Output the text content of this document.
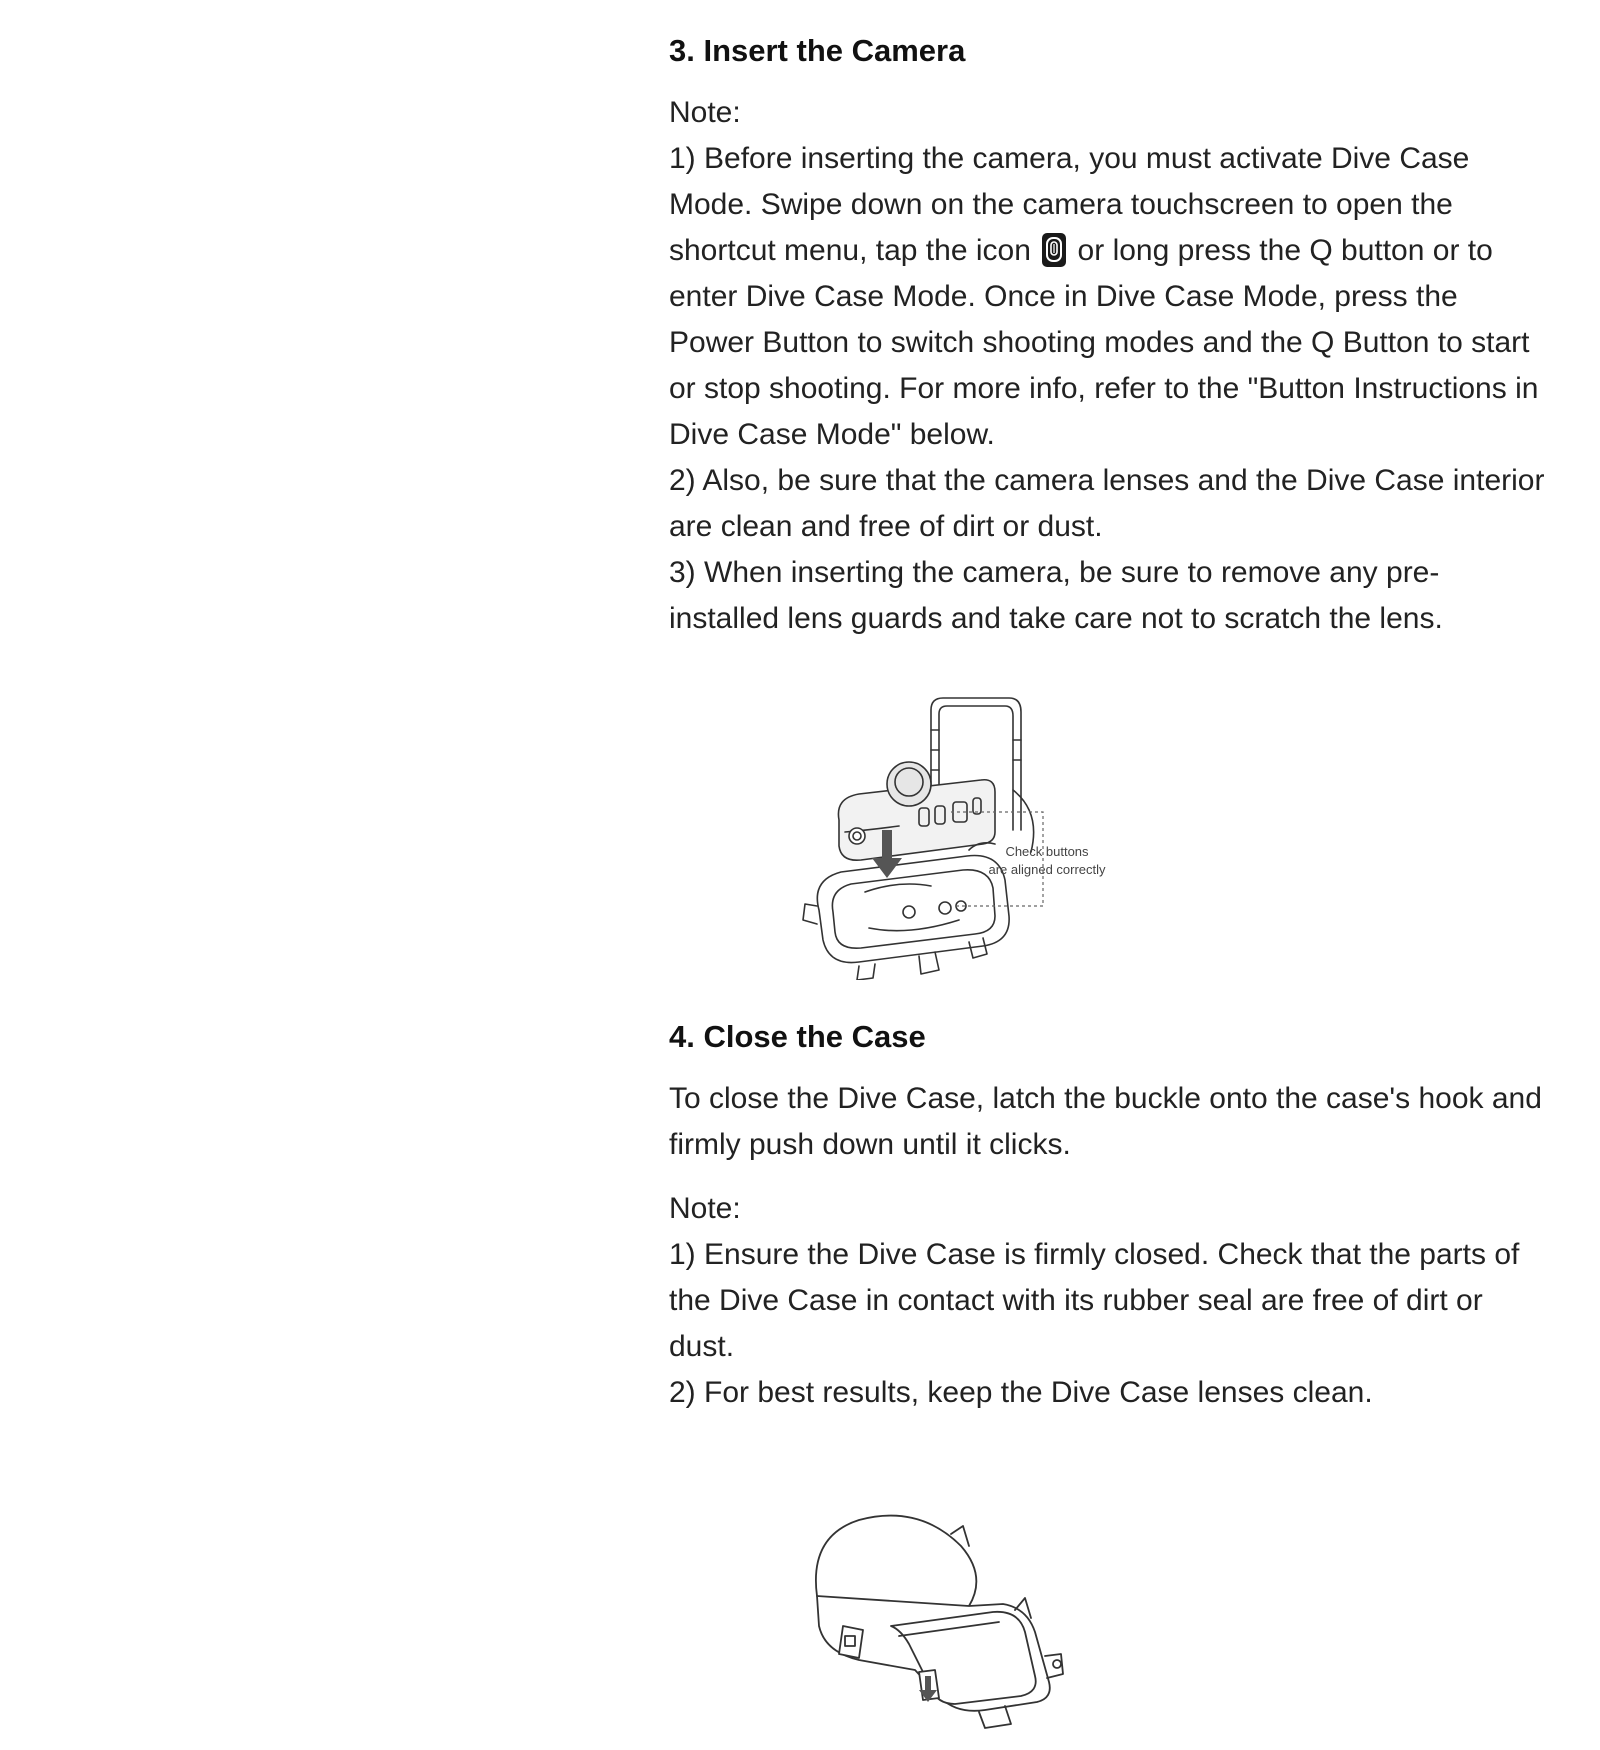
3. Insert the Camera

Note:

1) Before inserting the camera, you must activate Dive Case Mode. Swipe down on the camera touchscreen to open the shortcut menu, tap the icon  or long press the Q button or to enter Dive Case Mode. Once in Dive Case Mode, press the Power Button to switch shooting modes and the Q Button to start or stop shooting. For more info, refer to the "Button Instructions in Dive Case Mode" below.

2) Also, be sure that the camera lenses and the Dive Case interior are clean and free of dirt or dust.

3) When inserting the camera, be sure to remove any pre-installed lens guards and take care not to scratch the lens.

Check buttons
are aligned correctly
4. Close the Case

To close the Dive Case, latch the buckle onto the case's hook and firmly push down until it clicks.

Note:

1) Ensure the Dive Case is firmly closed. Check that the parts of the Dive Case in contact with its rubber seal are free of dirt or dust.

2) For best results, keep the Dive Case lenses clean.
